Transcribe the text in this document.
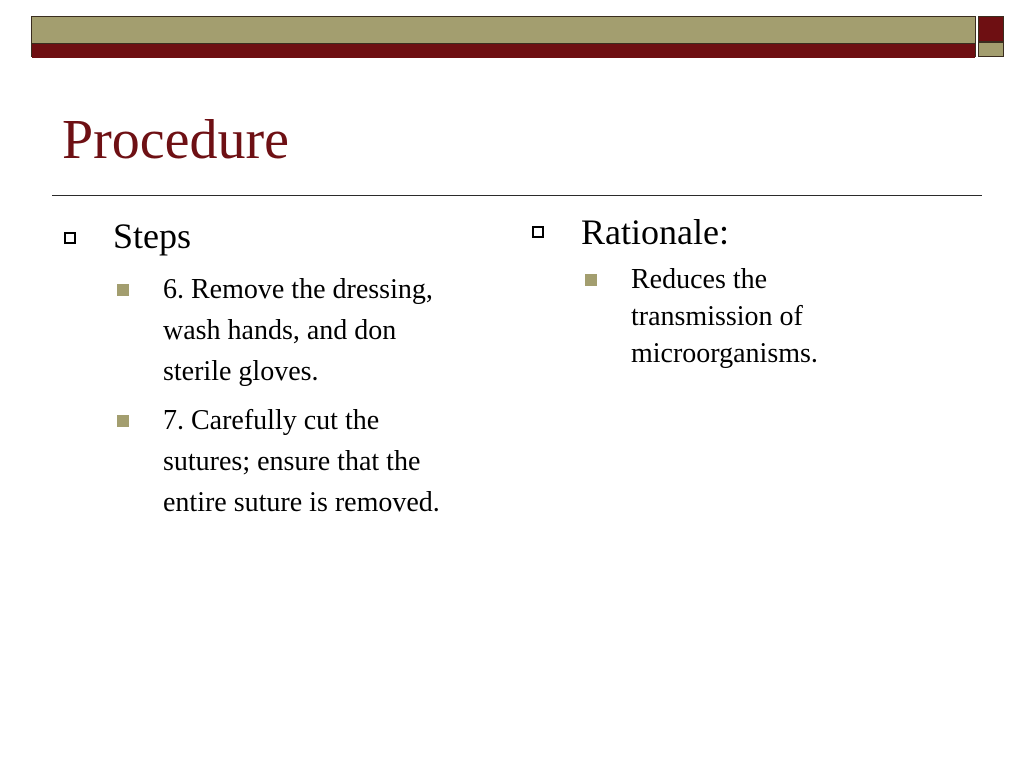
Procedure
Steps
6. Remove the dressing, wash hands, and don sterile gloves.
7. Carefully cut the sutures; ensure that the entire suture is removed.
Rationale:
Reduces the transmission of microorganisms.
